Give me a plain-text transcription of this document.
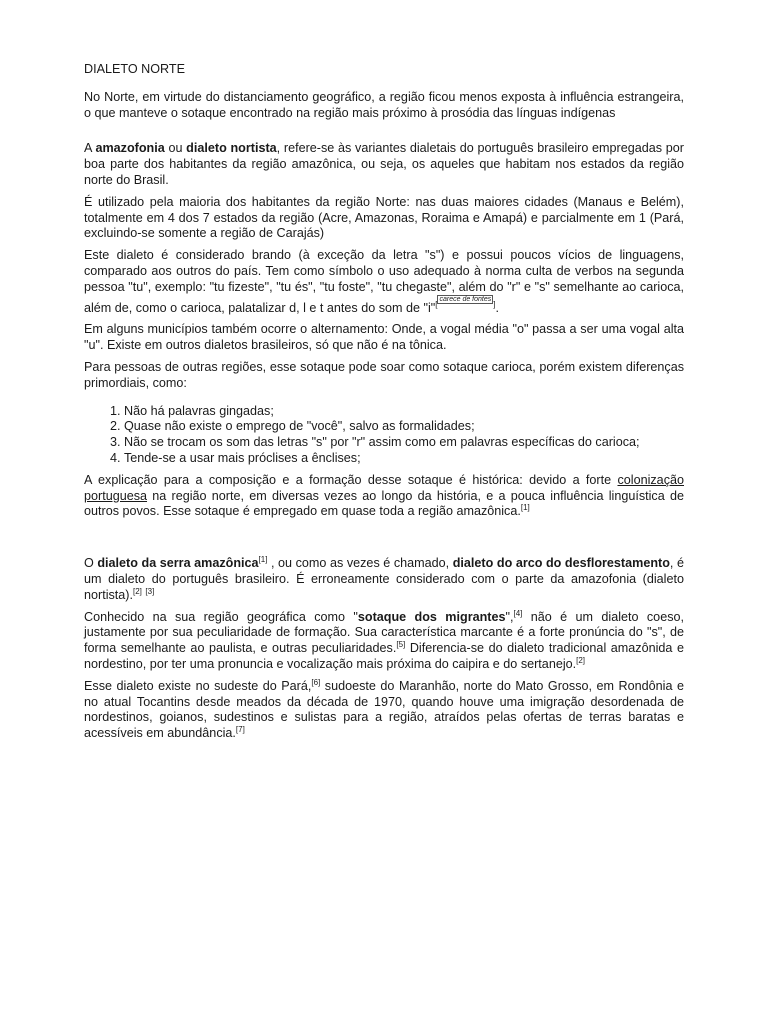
DIALETO NORTE

No Norte, em virtude do distanciamento geográfico, a região ficou menos exposta à influência estrangeira, o que manteve o sotaque encontrado na região mais próximo à prosódia das línguas indígenas

A amazofonia ou dialeto nortista, refere-se às variantes dialetais do português brasileiro empregadas por boa parte dos habitantes da região amazônica, ou seja, os aqueles que habitam nos estados da região norte do Brasil.

É utilizado pela maioria dos habitantes da região Norte: nas duas maiores cidades (Manaus e Belém), totalmente em 4 dos 7 estados da região (Acre, Amazonas, Roraima e Amapá) e parcialmente em 1 (Pará, excluindo-se somente a região de Carajás)

Este dialeto é considerado brando (à exceção da letra "s") e possui poucos vícios de linguagens, comparado aos outros do país. Tem como símbolo o uso adequado à norma culta de verbos na segunda pessoa "tu", exemplo: "tu fizeste", "tu és", "tu foste", "tu chegaste", além do "r" e "s" semelhante ao carioca, além de, como o carioca, palatalizar d, l e t antes do som de "i"[carece de fontes].

Em alguns municípios também ocorre o alternamento: Onde, a vogal média "o" passa a ser uma vogal alta "u". Existe em outros dialetos brasileiros, só que não é na tônica.

Para pessoas de outras regiões, esse sotaque pode soar como sotaque carioca, porém existem diferenças primordiais, como:

1. Não há palavras gingadas;
2. Quase não existe o emprego de "você", salvo as formalidades;
3. Não se trocam os som das letras "s" por "r" assim como em palavras específicas do carioca;
4. Tende-se a usar mais próclises a ênclises;

A explicação para a composição e a formação desse sotaque é histórica: devido a forte colonização portuguesa na região norte, em diversas vezes ao longo da história, e a pouca influência linguística de outros povos. Esse sotaque é empregado em quase toda a região amazônica.[1]

O dialeto da serra amazônica[1] , ou como as vezes é chamado, dialeto do arco do desflorestamento, é um dialeto do português brasileiro. É erroneamente considerado com o parte da amazofonia (dialeto nortista).[2] [3]

Conhecido na sua região geográfica como "sotaque dos migrantes",[4] não é um dialeto coeso, justamente por sua peculiaridade de formação. Sua característica marcante é a forte pronúncia do "s", de forma semelhante ao paulista, e outras peculiaridades.[5] Diferencia-se do dialeto tradicional amazônida e nordestino, por ter uma pronuncia e vocalização mais próxima do caipira e do sertanejo.[2]

Esse dialeto existe no sudeste do Pará,[6] sudoeste do Maranhão, norte do Mato Grosso, em Rondônia e no atual Tocantins desde meados da década de 1970, quando houve uma imigração desordenada de nordestinos, goianos, sudestinos e sulistas para a região, atraídos pelas ofertas de terras baratas e acessíveis em abundância.[7]
